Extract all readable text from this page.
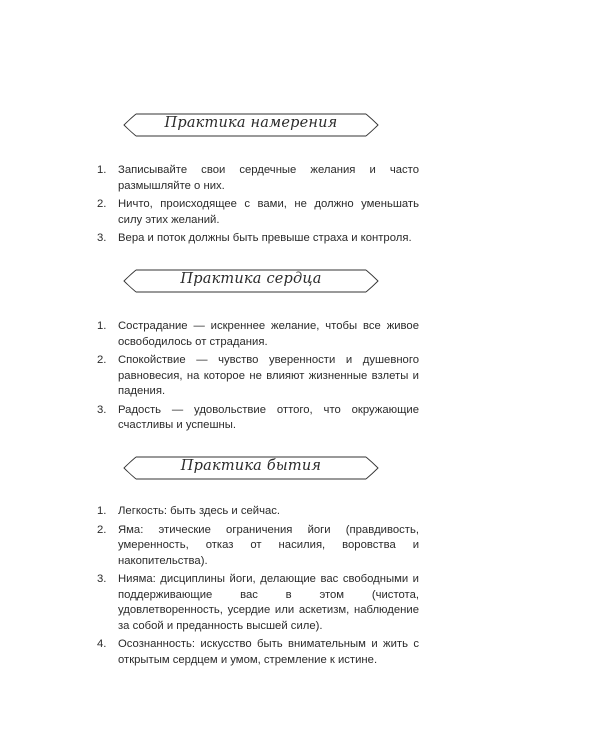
Практика намерения
1. Записывайте свои сердечные желания и часто размышляйте о них.
2. Ничто, происходящее с вами, не должно уменьшать силу этих желаний.
3. Вера и поток должны быть превыше страха и контроля.
Практика сердца
1. Сострадание — искреннее желание, чтобы все живое освободилось от страдания.
2. Спокойствие — чувство уверенности и душевного равновесия, на которое не влияют жизненные взлеты и падения.
3. Радость — удовольствие оттого, что окружающие счастливы и успешны.
Практика бытия
1. Легкость: быть здесь и сейчас.
2. Яма: этические ограничения йоги (правдивость, умеренность, отказ от насилия, воровства и накопительства).
3. Нияма: дисциплины йоги, делающие вас свободными и поддерживающие вас в этом (чистота, удовлетворенность, усердие или аскетизм, наблюдение за собой и преданность высшей силе).
4. Осознанность: искусство быть внимательным и жить с открытым сердцем и умом, стремление к истине.
